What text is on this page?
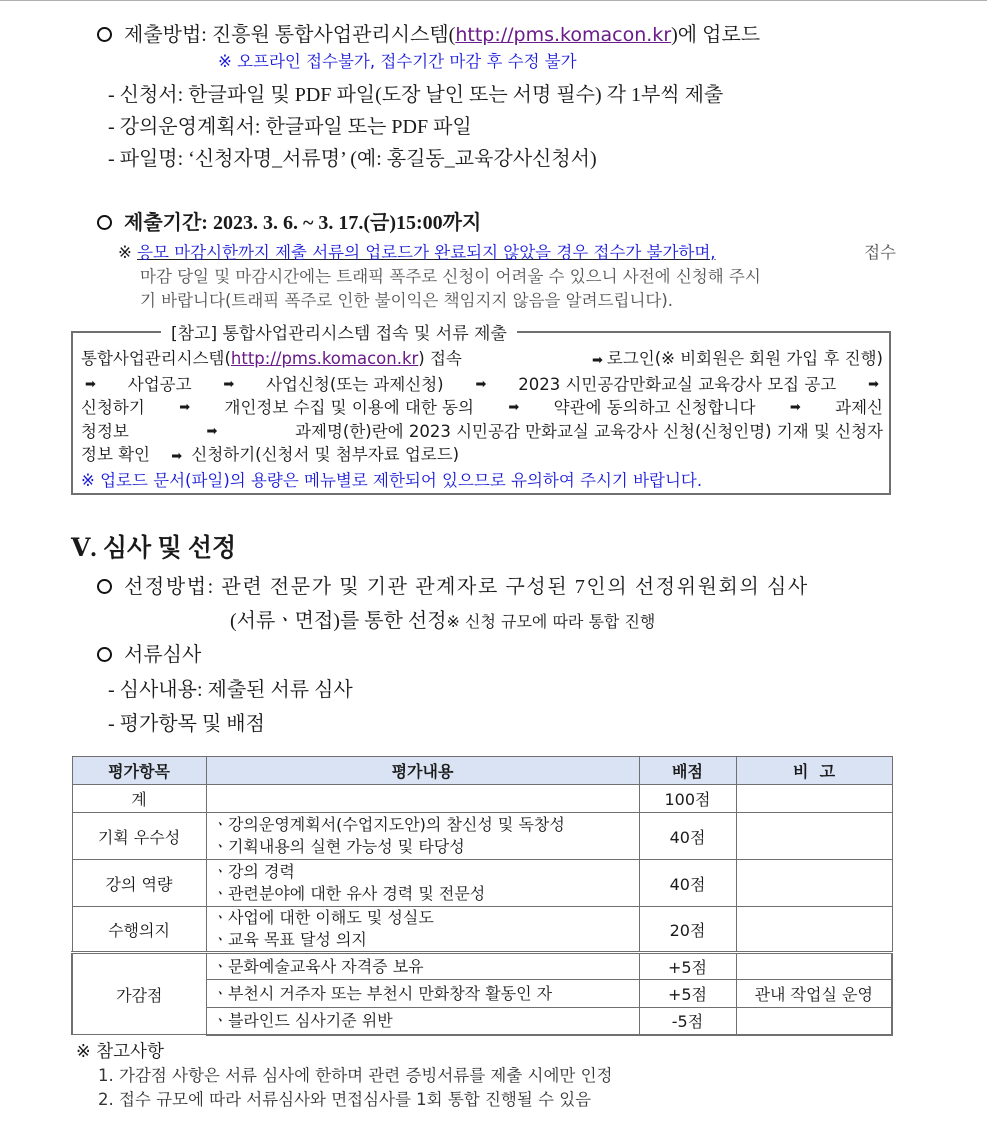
제출방법: 진흥원 통합사업관리시스템(http://pms.komacon.kr)에 업로드
※ 오프라인 접수불가, 접수기간 마감 후 수정 불가
- 신청서: 한글파일 및 PDF 파일(도장 날인 또는 서명 필수) 각 1부씩 제출
- 강의운영계획서: 한글파일 또는 PDF 파일
- 파일명: ‘신청자명_서류명’ (예: 홍길동_교육강사신청서)
제출기간: 2023. 3. 6. ~ 3. 17.(금)15:00까지
※ 응모 마감시한까지 제출 서류의 업로드가 완료되지 않았을 경우 접수가 불가하며,	접수
마감 당일 및 마감시간에는 트래픽 폭주로 신청이 어려울 수 있으니 사전에 신청해 주시
기 바랍니다(트래픽 폭주로 인한 불이익은 책임지지 않음을 알려드립니다).
[참고] 통합사업관리시스템 접속 및 서류 제출
통합사업관리시스템(http://pms.komacon.kr) 접속	➡ 로그인(※ 비회원은 회원 가입 후 진행)
➡ 사업공고 ➡ 사업신청(또는 과제신청) ➡ 2023 시민공감만화교실 교육강사 모집 공고 ➡
신청하기	➡ 개인정보 수집 및 이용에 대한 동의	➡ 약관에 동의하고 신청합니다	➡ 과제신
청정보	➡	과제명(한)란에 2023 시민공감 만화교실 교육강사 신청(신청인명) 기재 및 신청자
정보 확인 ➡ 신청하기(신청서 및 첨부자료 업로드)
※ 업로드 문서(파일)의 용량은 메뉴별로 제한되어 있으므로 유의하여 주시기 바랍니다.
Ⅴ. 심사 및 선정
선정방법: 관련 전문가 및 기관 관계자로 구성된 7인의 선정위원회의 심사
(서류ㆍ면접)를 통한 선정※ 신청 규모에 따라 통합 진행
서류심사
- 심사내용: 제출된 서류 심사
- 평가항목 및 배점
평가항목	평가내용	배점	비  고
계		100점	
기획 우수성	ㆍ강의운영계획서(수업지도안)의 참신성 및 독창성
ㆍ기획내용의 실현 가능성 및 타당성	40점	
강의 역량	ㆍ강의 경력
ㆍ관련분야에 대한 유사 경력 및 전문성	40점	
수행의지	ㆍ사업에 대한 이해도 및 성실도
ㆍ교육 목표 달성 의지	20점	
가감점	ㆍ문화예술교육사 자격증 보유	+5점	
	ㆍ부천시 거주자 또는 부천시 만화창작 활동인 자	+5점	관내 작업실 운영
	ㆍ블라인드 심사기준 위반	-5점	
※ 참고사항
1. 가감점 사항은 서류 심사에 한하며 관련 증빙서류를 제출 시에만 인정
2. 접수 규모에 따라 서류심사와 면접심사를 1회 통합 진행될 수 있음
